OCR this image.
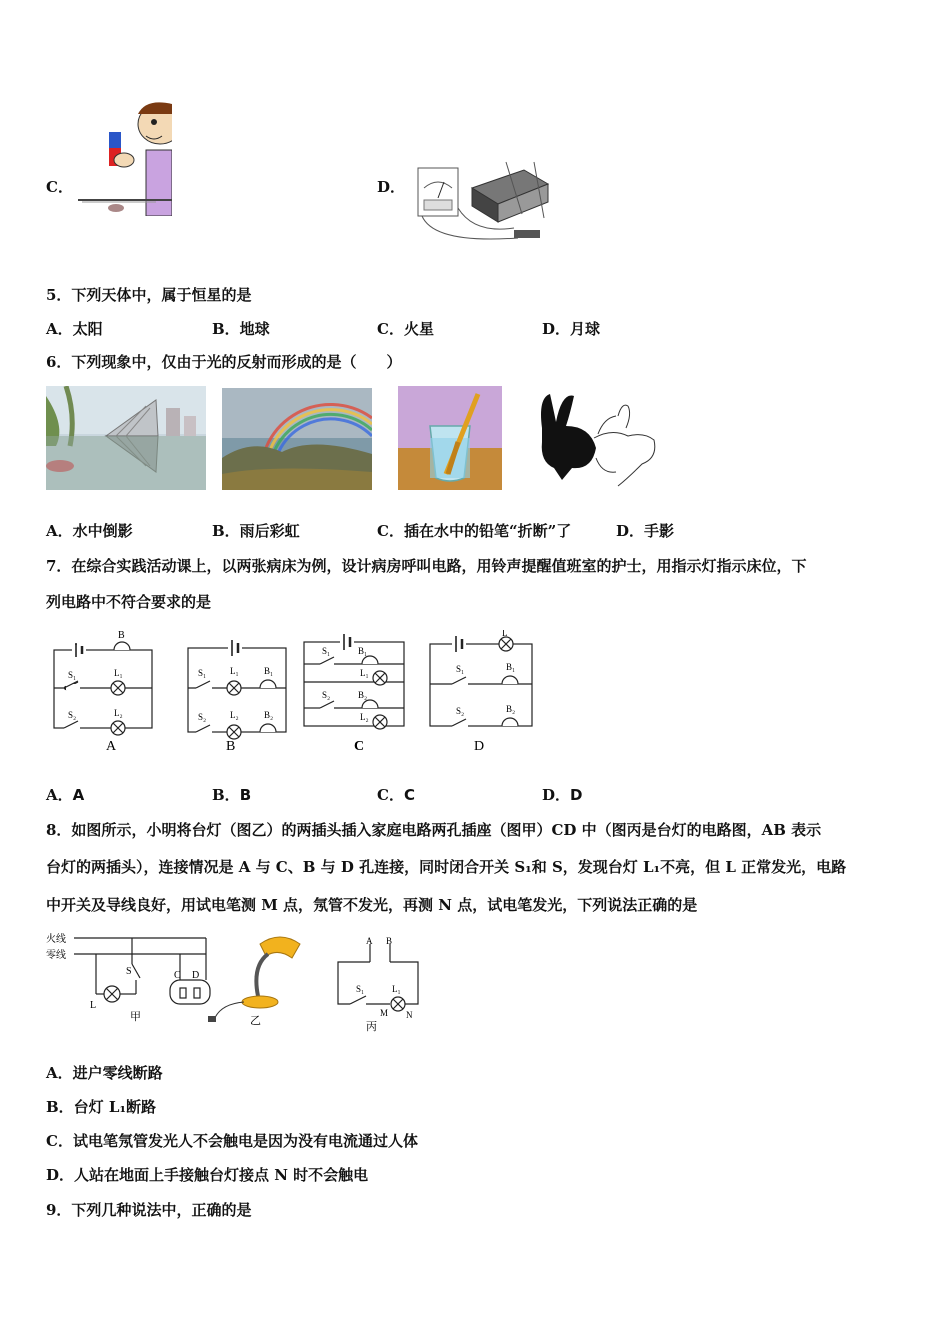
C．	D．
5．下列天体中，属于恒星的是
A．太阳	B．地球	C．火星	D．月球
6．下列现象中，仅由于光的反射而形成的是（　　）
A．水中倒影	B．雨后彩虹	C．插在水中的铅笔“折断”了	D．手影
7．在综合实践活动课上，以两张病床为例，设计病房呼叫电路，用铃声提醒值班室的护士，用指示灯指示床位，下
列电路中不符合要求的是
B
S₁	L₁
S₂	L₂
A
S₁	L₁	B₁
S₂	L₂	B₂
B
S₁	B₁
L₁
S₂	B₂
L₂
C
L
S₁	B₁
S₂	B₂
D
A．A	B．B	C．C	D．D
8．如图所示，小明将台灯（图乙）的两插头插入家庭电路两孔插座（图甲）CD 中（图丙是台灯的电路图，AB 表示
台灯的两插头），连接情况是 A 与 C、B 与 D 孔连接，同时闭合开关 S₁和 S，发现台灯 L₁不亮，但 L 正常发光，电路
中开关及导线良好，用试电笔测 M 点，氖管不发光，再测 N 点，试电笔发光，下列说法正确的是
火线
零线
S
L
C D
甲	乙
A B
S₁	L₁
M N
丙
A．进户零线断路
B．台灯 L₁断路
C．试电笔氖管发光人不会触电是因为没有电流通过人体
D．人站在地面上手接触台灯接点 N 时不会触电
9．下列几种说法中，正确的是
